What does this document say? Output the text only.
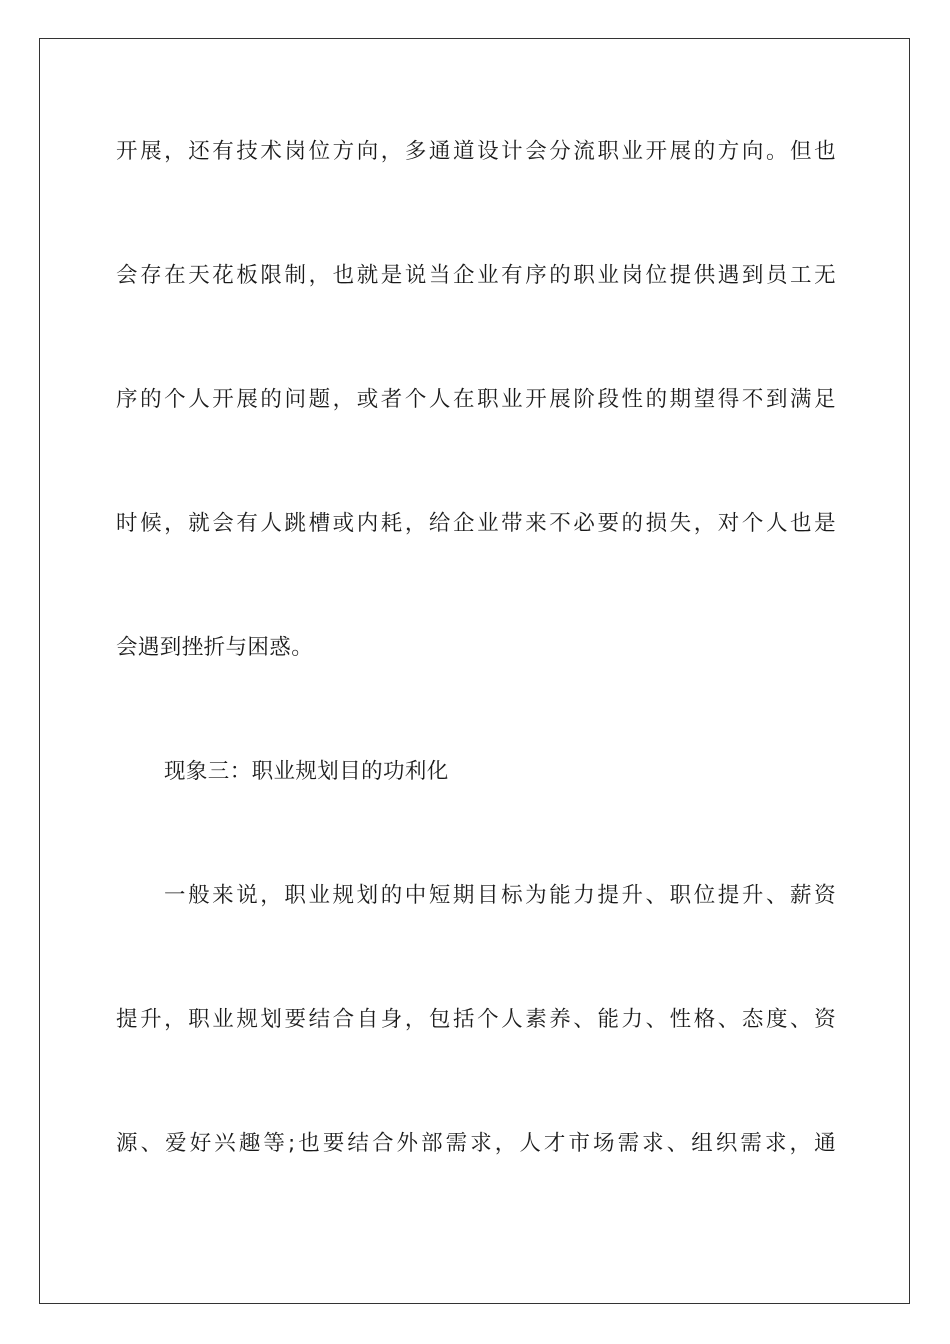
开展，还有技术岗位方向，多通道设计会分流职业开展的方向。但也
会存在天花板限制，也就是说当企业有序的职业岗位提供遇到员工无
序的个人开展的问题，或者个人在职业开展阶段性的期望得不到满足
时候，就会有人跳槽或内耗，给企业带来不必要的损失，对个人也是
会遇到挫折与困惑。
现象三：职业规划目的功利化
一般来说，职业规划的中短期目标为能力提升、职位提升、薪资
提升，职业规划要结合自身，包括个人素养、能力、性格、态度、资
源、爱好兴趣等;也要结合外部需求，人才市场需求、组织需求，通
